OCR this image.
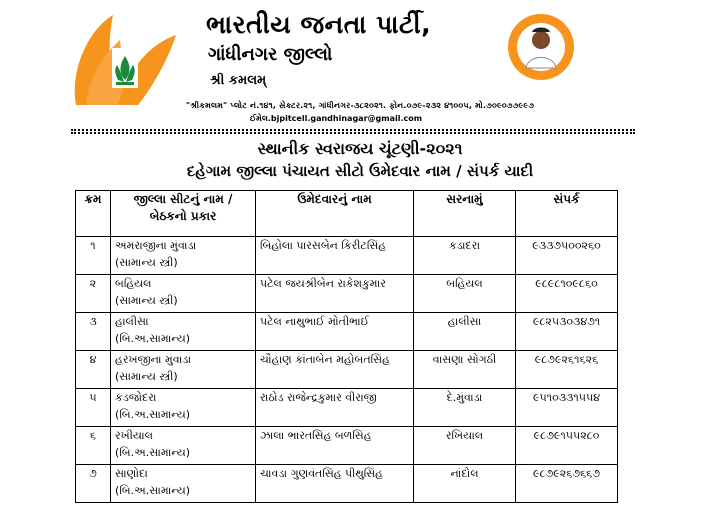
ભારતીય જનતા પાર્ટી,
ગાંધીનગર જીલ્લો
શ્રી કમલમ્
"શ્રીકમલમ" પ્લોટ નં.૧૪૧, સેક્ટર.૨૧, ગાંધીનગર-૩૮૨૦૨૧. ફોન.૦૭૯-૨૩૨ ૪૧૦૦૫, મો.૭૦૯૦૭૭૯૯૭
ઈમેલ.bjpitcell.gandhinagar@gmail.com
સ્થાનીક સ્વરાજય ચૂંટણી-૨૦૨૧
દહેગામ જીલ્લા પંચાયત સીટો ઉમેદવાર નામ / સંપર્ક યાદી
ક્રમ	જીલ્લા સીટનું નામ /
બેઠકનો પ્રકાર	ઉમેદવારનું નામ	સરનામું	સંપર્ક
૧	અમરાજીના મુંવાડા
(સામાન્ય સ્ત્રી)	બિહોલા પારસબેન કિરીટસિંહ	કડાદરા	૯૩૩૭૫૦૦૨૬૦
૨	બહિયલ
(સામાન્ય સ્ત્રી)	પટેલ જયશ્રીબેન રાકેશકુમાર	બહિયલ	૯૮૯૮૧૦૯૮૬૦
૩	હાલીસા
(બિ.અ.સામાન્ય)	પટેલ નાથુભાઈ મોતીભાઈ	હાલીસા	૯૮૨૫૩૦૩૪૭૧
૪	હરખજીના મુંવાડા
(સામાન્ય સ્ત્રી)	ચૌહાણ કાંતાબેન મહોબતસિંહ	વાસણા સોગઠી	૯૮૭૯૨૬૧૬૨૬
૫	કડજોદરા
(બિ.અ.સામાન્ય)	રાઠોડ રાજેન્દ્રકુમાર વીરાજી	દે.મુંવાડા	૯૫૧૦૩૩૧૫૫૪
૬	રખીયાલ
(બિ.અ.સામાન્ય)	ઝાલા ભારતસિંહ બળસિંહ	રખિયાલ	૯૮૭૯૧૫૫૨૮૦
૭	સાણોદા
(બિ.અ.સામાન્ય)	ચાવડા ગુણવંતસિંહ પીથુસિંહ	નાંદોલ	૯૮૭૯૨૬૭૬૬૭
